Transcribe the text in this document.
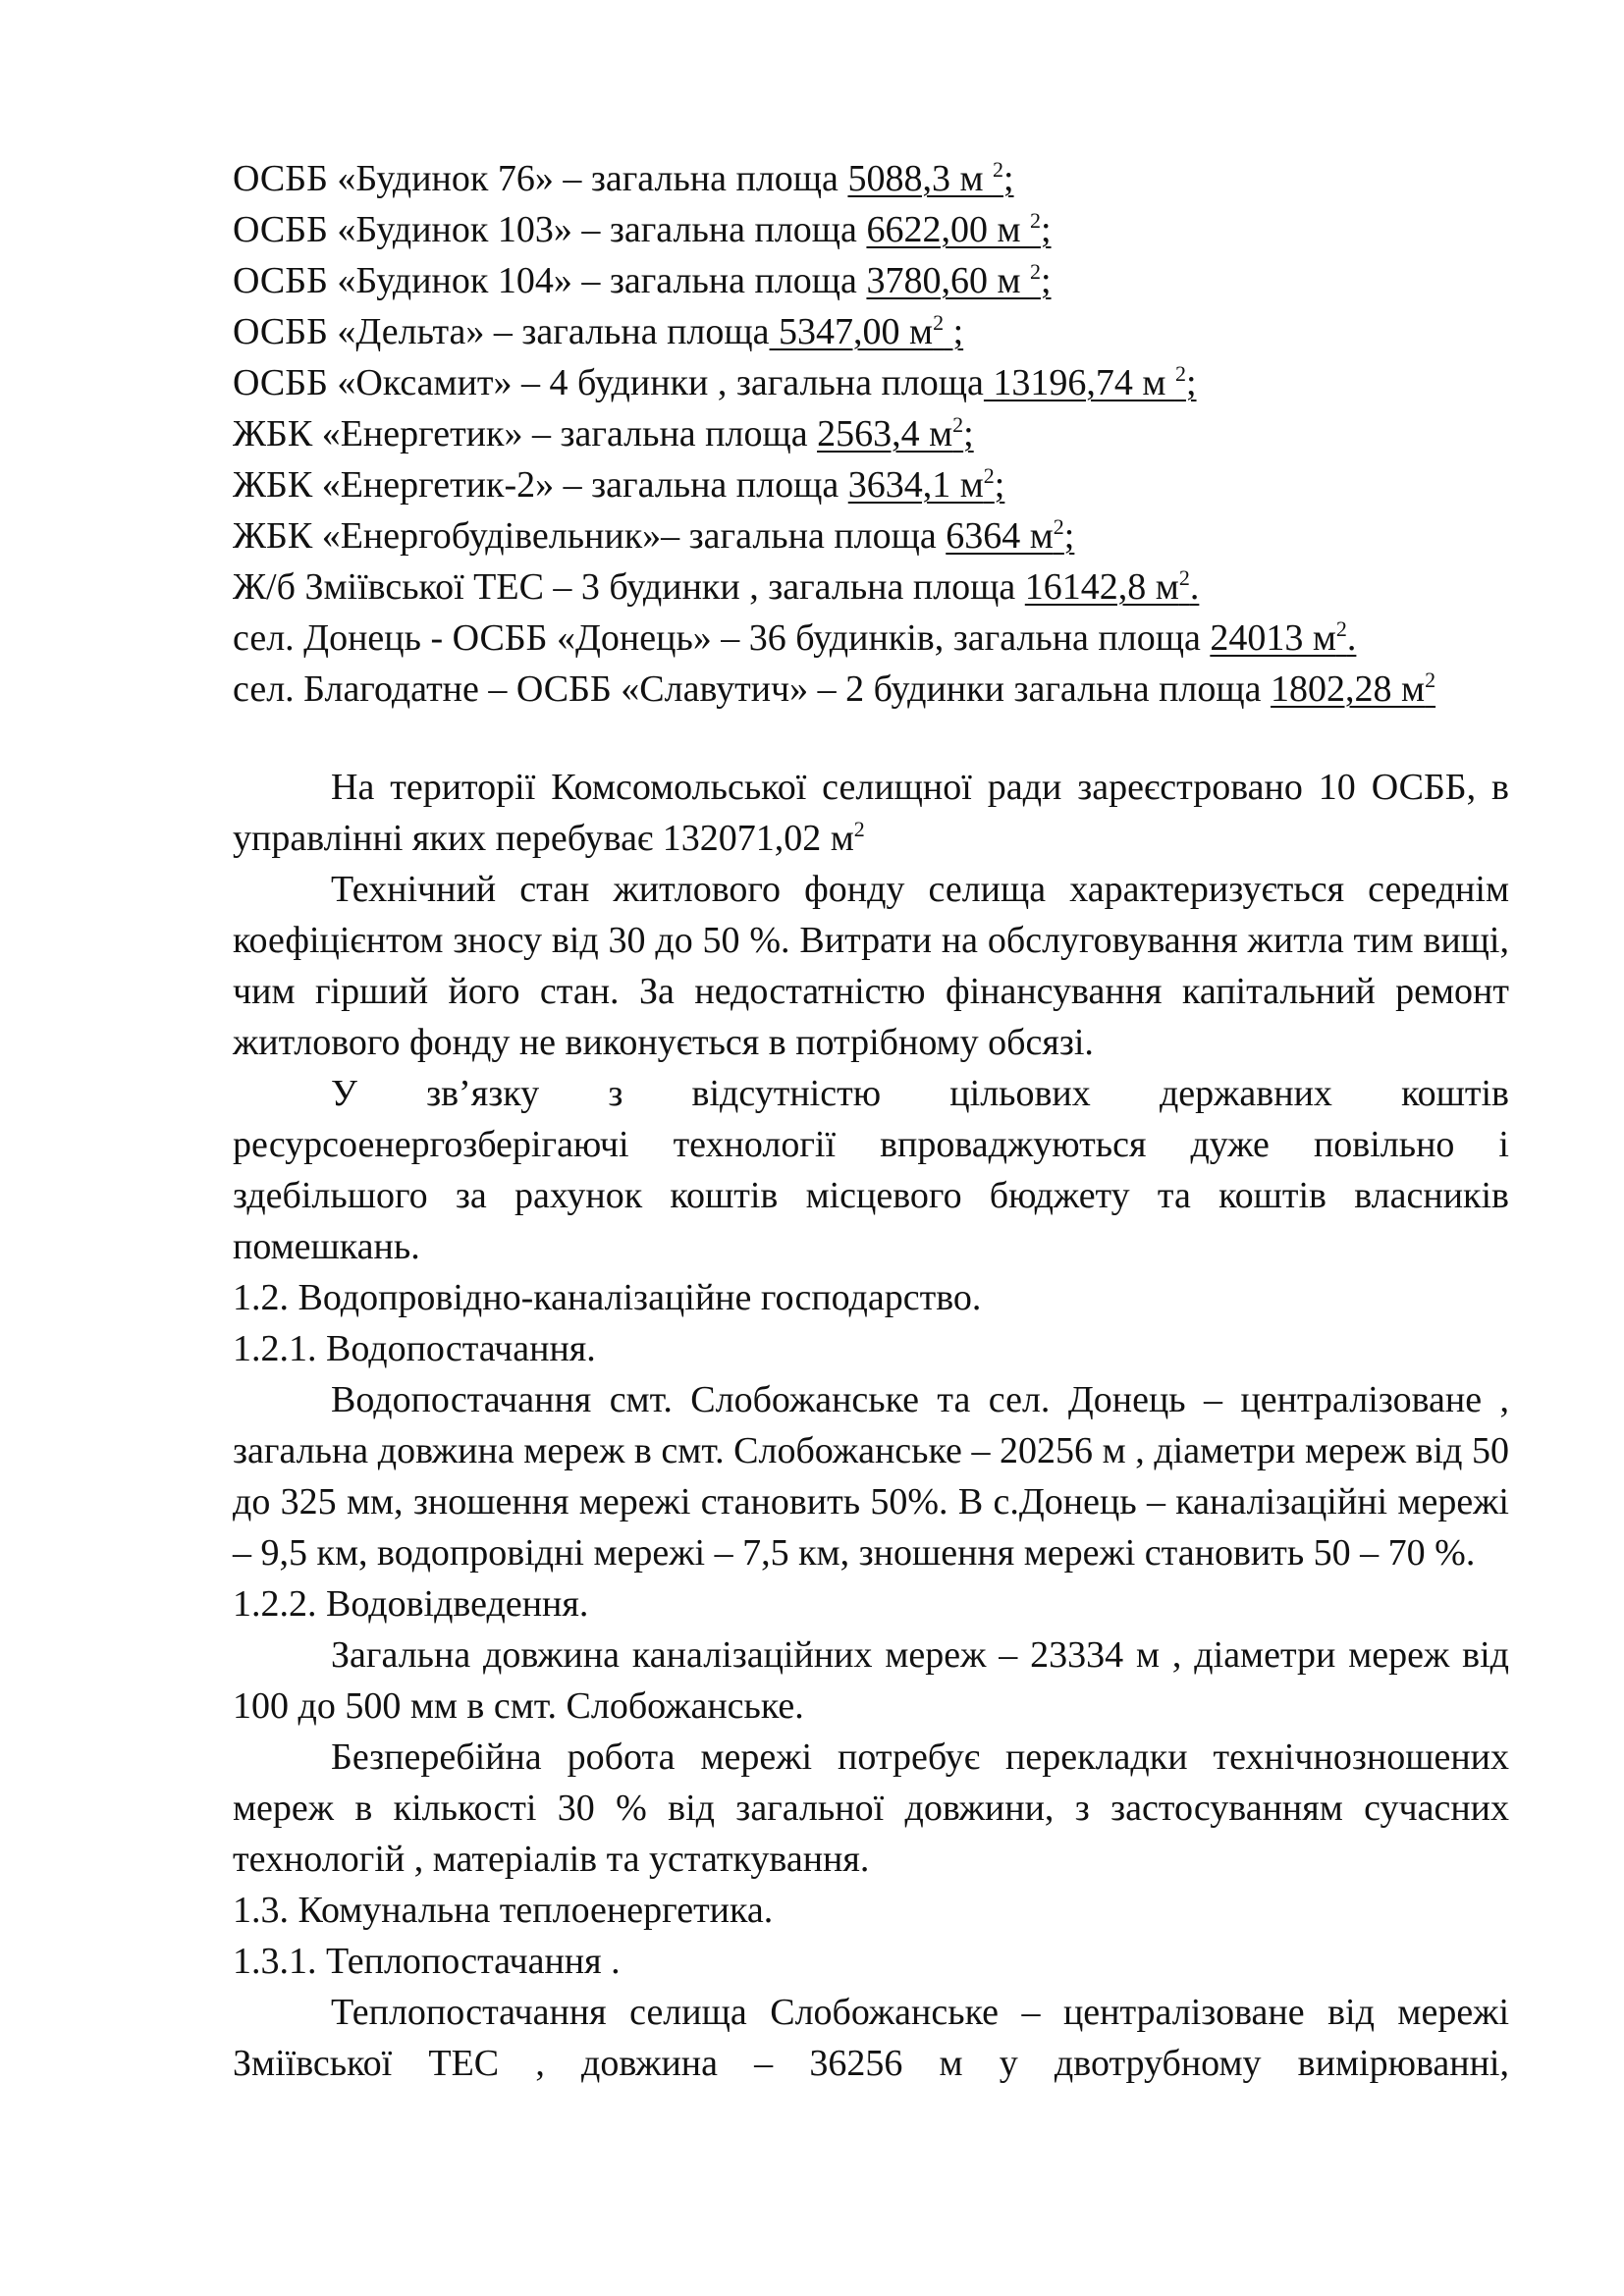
ОСББ «Будинок 76» – загальна площа 5088,3 м $^2$;
ОСББ «Будинок 103» – загальна площа 6622,00 м $^2$;
ОСББ «Будинок 104» – загальна площа 3780,60 м $^2$;
ОСББ «Дельта» – загальна площа 5347,00 $м^2$ ;
ОСББ «Оксамит» – 4 будинки , загальна площа 13196,74 м $^2$;
ЖБК «Енергетик» – загальна площа 2563,4 $м^2$;
ЖБК «Енергетик-2» – загальна площа 3634,1 $м^2$;
ЖБК «Енергобудівельник»– загальна площа 6364 $м^2$;
Ж/б Зміївської ТЕС – 3 будинки , загальна площа 16142,8 $м^2$.
сел. Донець - ОСББ «Донець» – 36 будинків, загальна площа 24013 $м^2$.
сел. Благодатне – ОСББ «Славутич» – 2 будинки загальна площа 1802,28 $м^2$
На території Комсомольської селищної ради зареєстровано 10 ОСББ, в управлінні яких перебуває 132071,02 $м^2$
Технічний стан житлового фонду селища характеризується середнім коефіцієнтом зносу від 30 до 50 %. Витрати на обслуговування житла тим вищі, чим гірший його стан. За недостатністю фінансування капітальний ремонт житлового фонду не виконується в потрібному обсязі.
У зв’язку з відсутністю цільових державних коштів ресурсоенергозберігаючі технології впроваджуються дуже повільно і здебільшого за рахунок коштів місцевого бюджету та коштів власників помешкань.
1.2. Водопровідно-каналізаційне господарство.
1.2.1. Водопостачання.
Водопостачання смт. Слобожанське та сел. Донець – централізоване , загальна довжина мереж в смт. Слобожанське – 20256 м , діаметри мереж від 50 до 325 мм, зношення мережі становить 50%. В с.Донець – каналізаційні мережі – 9,5 км, водопровідні мережі – 7,5 км, зношення мережі становить 50 – 70 %.
1.2.2. Водовідведення.
Загальна довжина каналізаційних мереж – 23334 м , діаметри мереж від 100 до 500 мм в смт. Слобожанське.
Безперебійна робота мережі потребує перекладки технічнозношених мереж в кількості 30 % від загальної довжини, з застосуванням сучасних технологій , матеріалів та устаткування.
1.3. Комунальна теплоенергетика.
1.3.1. Теплопостачання .
Теплопостачання селища Слобожанське – централізоване від мережі Зміївської ТЕС , довжина – 36256 м у двотрубному вимірюванні,
